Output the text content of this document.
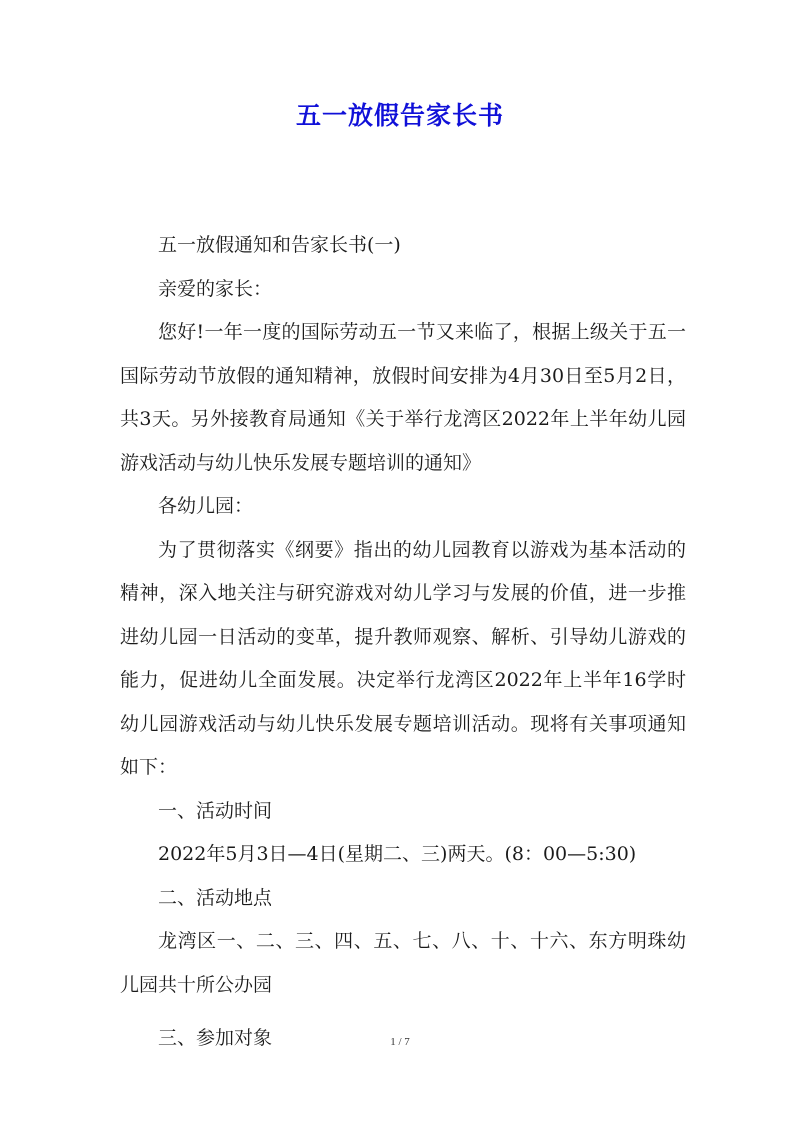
五一放假告家长书

五一放假通知和告家长书(一)

亲爱的家长：

您好!一年一度的国际劳动五一节又来临了，根据上级关于五一国际劳动节放假的通知精神，放假时间安排为4月30日至5月2日，共3天。另外接教育局通知《关于举行龙湾区2022年上半年幼儿园游戏活动与幼儿快乐发展专题培训的通知》

各幼儿园：

为了贯彻落实《纲要》指出的幼儿园教育以游戏为基本活动的精神，深入地关注与研究游戏对幼儿学习与发展的价值，进一步推进幼儿园一日活动的变革，提升教师观察、解析、引导幼儿游戏的能力，促进幼儿全面发展。决定举行龙湾区2022年上半年16学时幼儿园游戏活动与幼儿快乐发展专题培训活动。现将有关事项通知如下：

一、活动时间

2022年5月3日—4日(星期二、三)两天。(8：00—5:30)

二、活动地点

龙湾区一、二、三、四、五、七、八、十、十六、东方明珠幼儿园共十所公办园

三、参加对象	1 / 7
